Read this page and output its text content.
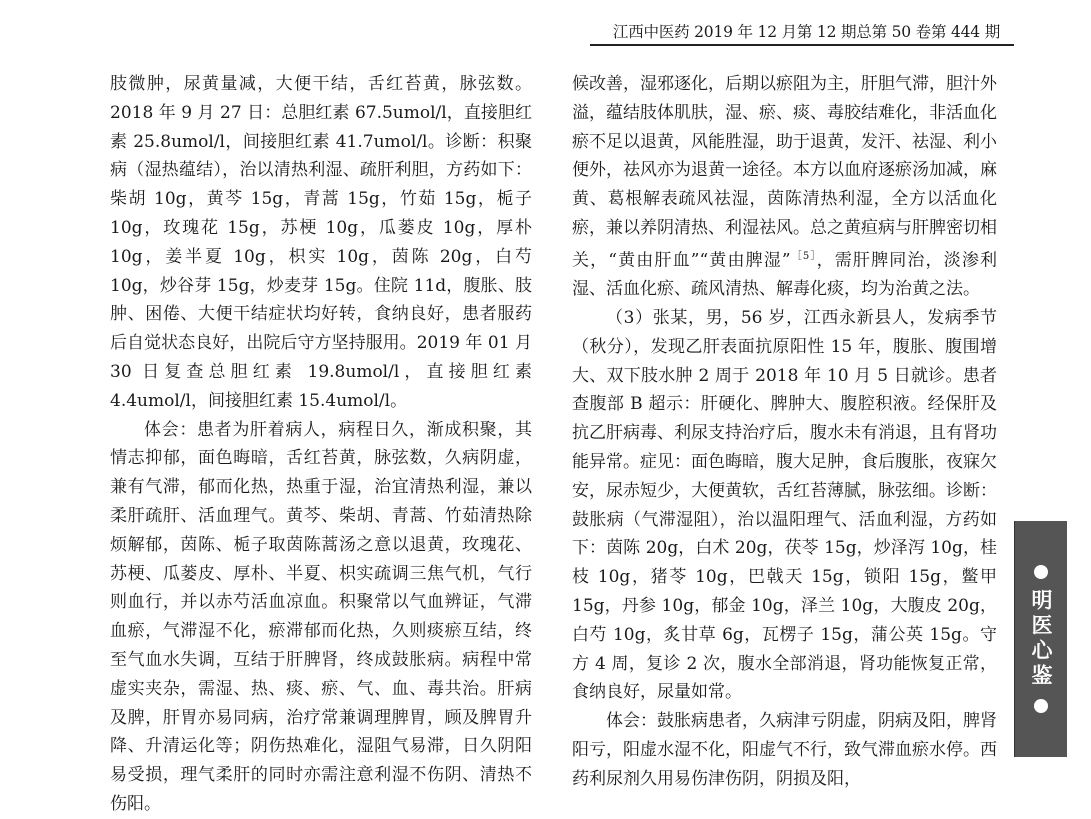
江西中医药 2019 年 12 月第 12 期总第 50 卷第 444 期

肢微肿，尿黄量减，大便干结，舌红苔黄，脉弦数。2018 年 9 月 27 日：总胆红素 67.5umol/l，直接胆红素 25.8umol/l，间接胆红素 41.7umol/l。诊断：积聚病（湿热蕴结），治以清热利湿、疏肝利胆，方药如下：柴胡 10g，黄芩 15g，青蒿 15g，竹茹 15g，栀子 10g，玫瑰花 15g，苏梗 10g，瓜蒌皮 10g，厚朴 10g，姜半夏 10g，枳实 10g，茵陈 20g，白芍 10g，炒谷芽 15g，炒麦芽 15g。住院 11d，腹胀、肢肿、困倦、大便干结症状均好转，食纳良好，患者服药后自觉状态良好，出院后守方坚持服用。2019 年 01 月 30 日复查总胆红素 19.8umol/l，直接胆红素 4.4umol/l，间接胆红素 15.4umol/l。

体会：患者为肝着病人，病程日久，渐成积聚，其情志抑郁，面色晦暗，舌红苔黄，脉弦数，久病阴虚，兼有气滞，郁而化热，热重于湿，治宜清热利湿，兼以柔肝疏肝、活血理气。黄芩、柴胡、青蒿、竹茹清热除烦解郁，茵陈、栀子取茵陈蒿汤之意以退黄，玫瑰花、苏梗、瓜蒌皮、厚朴、半夏、枳实疏调三焦气机，气行则血行，并以赤芍活血凉血。积聚常以气血辨证，气滞血瘀，气滞湿不化，瘀滞郁而化热，久则痰瘀互结，终至气血水失调，互结于肝脾肾，终成鼓胀病。病程中常虚实夹杂，需湿、热、痰、瘀、气、血、毒共治。肝病及脾，肝胃亦易同病，治疗常兼调理脾胃，顾及脾胃升降、升清运化等；阴伤热难化，湿阻气易滞，日久阴阳易受损，理气柔肝的同时亦需注意利湿不伤阴、清热不伤阳。

候改善，湿邪逐化，后期以瘀阻为主，肝胆气滞，胆汁外溢，蕴结肢体肌肤，湿、瘀、痰、毒胶结难化，非活血化瘀不足以退黄，风能胜湿，助于退黄，发汗、祛湿、利小便外，祛风亦为退黄一途径。本方以血府逐瘀汤加减，麻黄、葛根解表疏风祛湿，茵陈清热利湿，全方以活血化瘀，兼以养阴清热、利湿祛风。总之黄疸病与肝脾密切相关，“黄由肝血”“黄由脾湿”$^{[5]}$，需肝脾同治，淡渗利湿、活血化瘀、疏风清热、解毒化痰，均为治黄之法。

（3）张某，男，56 岁，江西永新县人，发病季节（秋分），发现乙肝表面抗原阳性 15 年，腹胀、腹围增大、双下肢水肿 2 周于 2018 年 10 月 5 日就诊。患者查腹部 B 超示：肝硬化、脾肿大、腹腔积液。经保肝及抗乙肝病毒、利尿支持治疗后，腹水未有消退，且有肾功能异常。症见：面色晦暗，腹大足肿，食后腹胀，夜寐欠安，尿赤短少，大便黄软，舌红苔薄腻，脉弦细。诊断：鼓胀病（气滞湿阻），治以温阳理气、活血利湿，方药如下：茵陈 20g，白术 20g，茯苓 15g，炒泽泻 10g，桂枝 10g，猪苓 10g，巴戟天 15g，锁阳 15g，鳖甲 15g，丹参 10g，郁金 10g，泽兰 10g，大腹皮 20g，白芍 10g，炙甘草 6g，瓦楞子 15g，蒲公英 15g。守方 4 周，复诊 2 次，腹水全部消退，肾功能恢复正常，食纳良好，尿量如常。

体会：鼓胀病患者，久病津亏阴虚，阴病及阳，脾肾阳亏，阳虚水湿不化，阳虚气不行，致气滞血瘀水停。西药利尿剂久用易伤津伤阴，阴损及阳，

明医心鉴
